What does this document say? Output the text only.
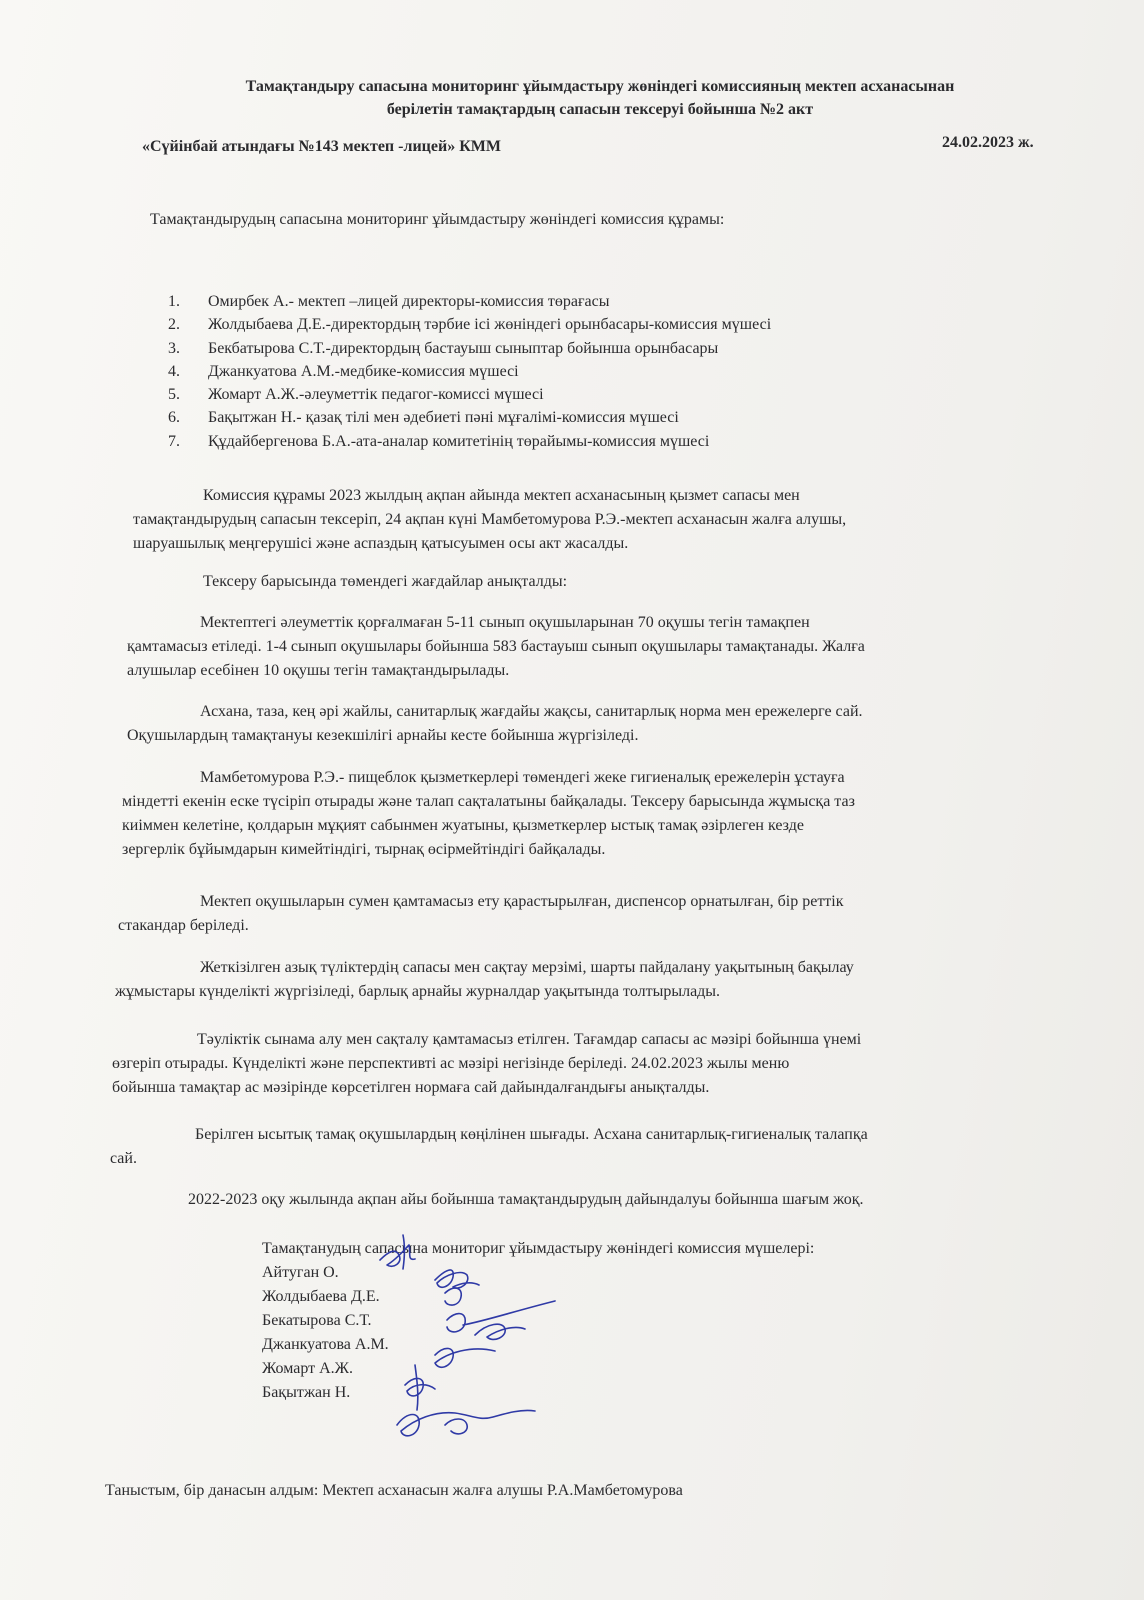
Тамақтандыру сапасына мониторинг ұйымдастыру жөніндегі комиссияның мектеп асханасынан
берілетін тамақтардың сапасын тексеруі бойынша №2 акт
«Сүйінбай атындағы №143 мектеп -лицей» КММ	24.02.2023 ж.
Тамақтандырудың сапасына мониторинг ұйымдастыру жөніндегі комиссия құрамы:
1. Омирбек А.- мектеп –лицей директоры-комиссия төрағасы
2. Жолдыбаева Д.Е.-директордың тәрбие ісі жөніндегі орынбасары-комиссия мүшесі
3. Бекбатырова С.Т.-директордың бастауыш сыныптар бойынша орынбасары
4. Джанкуатова А.М.-медбике-комиссия мүшесі
5. Жомарт А.Ж.-әлеуметтік педагог-комиссі мүшесі
6. Бақытжан Н.- қазақ тілі мен әдебиеті пәні мұғалімі-комиссия мүшесі
7. Құдайбергенова Б.А.-ата-аналар комитетінің төрайымы-комиссия мүшесі
Комиссия құрамы 2023 жылдың ақпан айында мектеп асханасының қызмет сапасы мен
тамақтандырудың сапасын тексеріп, 24 ақпан күні Мамбетомурова Р.Э.-мектеп асханасын жалға алушы,
шаруашылық меңгерушісі және аспаздың қатысуымен осы акт жасалды.
Тексеру барысында төмендегі жағдайлар анықталды:
Мектептегі әлеуметтік қорғалмаған 5-11 сынып оқушыларынан 70 оқушы тегін тамақпен
қамтамасыз етіледі. 1-4 сынып оқушылары бойынша 583 бастауыш сынып оқушылары тамақтанады. Жалға
алушылар есебінен 10 оқушы тегін тамақтандырылады.
Асхана, таза, кең әрі жайлы, санитарлық жағдайы жақсы, санитарлық норма мен ережелерге сай.
Оқушылардың тамақтануы кезекшілігі арнайы кесте бойынша жүргізіледі.
Мамбетомурова Р.Э.- пищеблок қызметкерлері төмендегі жеке гигиеналық ережелерін ұстауға
міндетті екенін еске түсіріп отырады және талап сақталатыны байқалады. Тексеру барысында жұмысқа таз
киіммен келетіне, қолдарын мұқият сабынмен жуатыны, қызметкерлер ыстық тамақ әзірлеген кезде
зергерлік бұйымдарын кимейтіндігі, тырнақ өсірмейтіндігі байқалады.
Мектеп оқушыларын сумен қамтамасыз ету қарастырылған, диспенсор орнатылған, бір реттік
стакандар беріледі.
Жеткізілген азық түліктердің сапасы мен сақтау мерзімі, шарты пайдалану уақытының бақылау
жұмыстары күнделікті жүргізіледі, барлық арнайы журналдар уақытында толтырылады.
Тәуліктік сынама алу мен сақталу қамтамасыз етілген. Тағамдар сапасы ас мәзірі бойынша үнемі
өзгеріп отырады. Күнделікті және перспективті ас мәзірі негізінде беріледі. 24.02.2023 жылы меню
бойынша тамақтар ас мәзірінде көрсетілген нормаға сай дайындалғандығы анықталды.
Берілген ысытық тамақ оқушылардың көңілінен шығады. Асхана санитарлық-гигиеналық талапқа
сай.
2022-2023 оқу жылында ақпан айы бойынша тамақтандырудың дайындалуы бойынша шағым жоқ.
Тамақтанудың сапасына мониториг ұйымдастыру жөніндегі комиссия мүшелері:
Айтуган О.
Жолдыбаева Д.Е.
Бекатырова С.Т.
Джанкуатова А.М.
Жомарт А.Ж.
Бақытжан Н.
Таныстым, бір данасын алдым: Мектеп асханасын жалға алушы Р.А.Мамбетомурова
